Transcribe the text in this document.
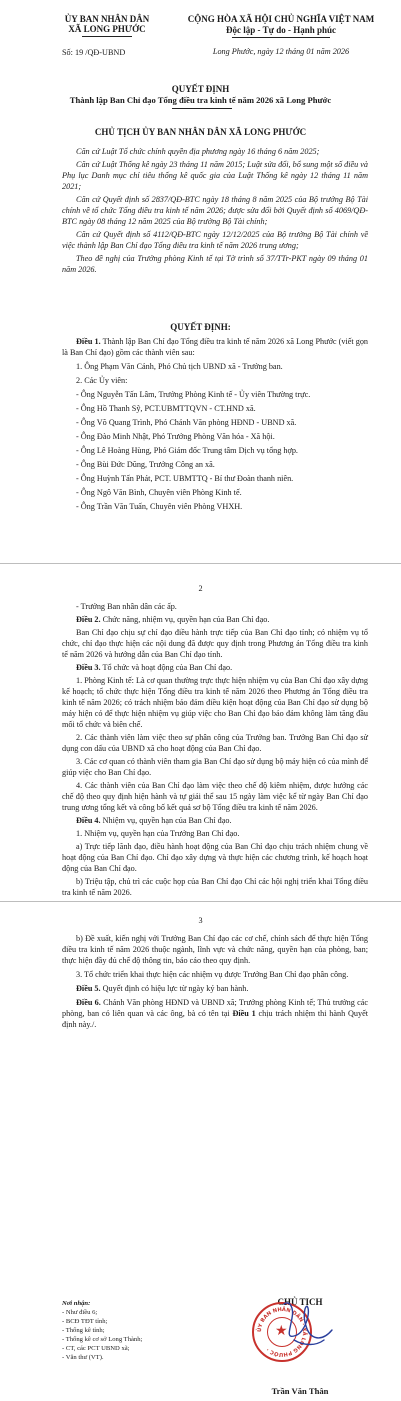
ỦY BAN NHÂN DÂN
XÃ LONG PHƯỚC
Số: 19 /QĐ-UBND
CỘNG HÒA XÃ HỘI CHỦ NGHĨA VIỆT NAM
Độc lập - Tự do - Hạnh phúc
Long Phước, ngày 12 tháng 01 năm 2026
QUYẾT ĐỊNH
Thành lập Ban Chỉ đạo Tổng điều tra kinh tế năm 2026 xã Long Phước
CHỦ TỊCH ỦY BAN NHÂN DÂN XÃ LONG PHƯỚC
Căn cứ Luật Tổ chức chính quyền địa phương ngày 16 tháng 6 năm 2025;
Căn cứ Luật Thống kê ngày 23 tháng 11 năm 2015; Luật sửa đổi, bổ sung một số điều và Phụ lục Danh mục chỉ tiêu thống kê quốc gia của Luật Thống kê ngày 12 tháng 11 năm 2021;
Căn cứ Quyết định số 2837/QĐ-BTC ngày 18 tháng 8 năm 2025 của Bộ trưởng Bộ Tài chính về tổ chức Tổng điều tra kinh tế năm 2026; được sửa đổi bởi Quyết định số 4069/QĐ-BTC ngày 08 tháng 12 năm 2025 của Bộ trưởng Bộ Tài chính;
Căn cứ Quyết định số 4112/QĐ-BTC ngày 12/12/2025 của Bộ trưởng Bộ Tài chính về việc thành lập Ban Chỉ đạo Tổng điều tra kinh tế năm 2026 trung ương;
Theo đề nghị của Trưởng phòng Kinh tế tại Tờ trình số 37/TTr-PKT ngày 09 tháng 01 năm 2026.
QUYẾT ĐỊNH:
Điều 1. Thành lập Ban Chỉ đạo Tổng điều tra kinh tế năm 2026 xã Long Phước (viết gọn là Ban Chỉ đạo) gồm các thành viên sau:
1. Ông Phạm Văn Cảnh, Phó Chủ tịch UBND xã - Trưởng ban.
2. Các Ủy viên:
- Ông Nguyễn Tấn Lâm, Trưởng Phòng Kinh tế - Ủy viên Thường trực.
- Ông Hồ Thanh Sỹ, PCT.UBMTTQVN - CT.HND xã.
- Ông Võ Quang Trình, Phó Chánh Văn phòng HĐND - UBND xã.
- Ông Đào Minh Nhật, Phó Trưởng Phòng Văn hóa - Xã hội.
- Ông Lê Hoàng Hùng, Phó Giám đốc Trung tâm Dịch vụ tổng hợp.
- Ông Bùi Đức Dũng, Trưởng Công an xã.
- Ông Huỳnh Tấn Phát, PCT. UBMTTQ - Bí thư Đoàn thanh niên.
- Ông Ngô Văn Bình, Chuyên viên Phòng Kinh tế.
- Ông Trần Văn Tuấn, Chuyên viên Phòng VHXH.
2
- Trưởng Ban nhân dân các ấp.
Điều 2. Chức năng, nhiệm vụ, quyền hạn của Ban Chỉ đạo.
Ban Chỉ đạo chịu sự chỉ đạo điều hành trực tiếp của Ban Chỉ đạo tỉnh; có nhiệm vụ tổ chức, chỉ đạo thực hiện các nội dung đã được quy định trong Phương án Tổng điều tra kinh tế năm 2026 và hướng dẫn của Ban Chỉ đạo tỉnh.
Điều 3. Tổ chức và hoạt động của Ban Chỉ đạo.
1. Phòng Kinh tế: Là cơ quan thường trực thực hiện nhiệm vụ của Ban Chỉ đạo xây dựng kế hoạch; tổ chức thực hiện Tổng điều tra kinh tế năm 2026 theo Phương án Tổng điều tra kinh tế năm 2026; có trách nhiệm bảo đảm điều kiện hoạt động của Ban Chỉ đạo sử dụng bộ máy hiện có để thực hiện nhiệm vụ giúp việc cho Ban Chỉ đạo bảo đảm không làm tăng đầu mối tổ chức và biên chế.
2. Các thành viên làm việc theo sự phân công của Trưởng ban. Trưởng Ban Chỉ đạo sử dụng con dấu của UBND xã cho hoạt động của Ban Chỉ đạo.
3. Các cơ quan có thành viên tham gia Ban Chỉ đạo sử dụng bộ máy hiện có của mình để giúp việc cho Ban Chỉ đạo.
4. Các thành viên của Ban Chỉ đạo làm việc theo chế độ kiêm nhiệm, được hưởng các chế độ theo quy định hiện hành và tự giải thể sau 15 ngày làm việc kể từ ngày Ban Chỉ đạo trung ương tổng kết và công bố kết quả sơ bộ Tổng điều tra kinh tế năm 2026.
Điều 4. Nhiệm vụ, quyền hạn của Ban Chỉ đạo.
1. Nhiệm vụ, quyền hạn của Trưởng Ban Chỉ đạo.
a) Trực tiếp lãnh đạo, điều hành hoạt động của Ban Chỉ đạo chịu trách nhiệm chung về hoạt động của Ban Chỉ đạo. Chỉ đạo xây dựng và thực hiện các chương trình, kế hoạch hoạt động của Ban Chỉ đạo.
b) Triệu tập, chủ trì các cuộc họp của Ban Chỉ đạo Chỉ các hội nghị triển khai Tổng điều tra kinh tế năm 2026.
3
b) Đề xuất, kiến nghị với Trưởng Ban Chỉ đạo các cơ chế, chính sách để thực hiện Tổng điều tra kinh tế năm 2026 thuộc ngành, lĩnh vực và chức năng, quyền hạn của phòng, ban; thực hiện đầy đủ chế độ thông tin, báo cáo theo quy định.
3. Tổ chức triển khai thực hiện các nhiệm vụ được Trưởng Ban Chỉ đạo phân công.
Điều 5. Quyết định có hiệu lực từ ngày ký ban hành.
Điều 6. Chánh Văn phòng HĐND và UBND xã; Trưởng phòng Kinh tế; Thủ trưởng các phòng, ban có liên quan và các ông, bà có tên tại Điều 1 chịu trách nhiệm thi hành Quyết định này./.
Nơi nhận:
- Như điều 6;
- BCĐ TĐT tỉnh;
- Thống kê tỉnh;
- Thống kê cơ sở Long Thành;
- CT, các PCT UBND xã;
- Văn thư (VT).
CHỦ TỊCH
Trần Văn Thân
ỦY BAN NHÂN DÂN · XÃ LONG PHƯỚC ·
★
